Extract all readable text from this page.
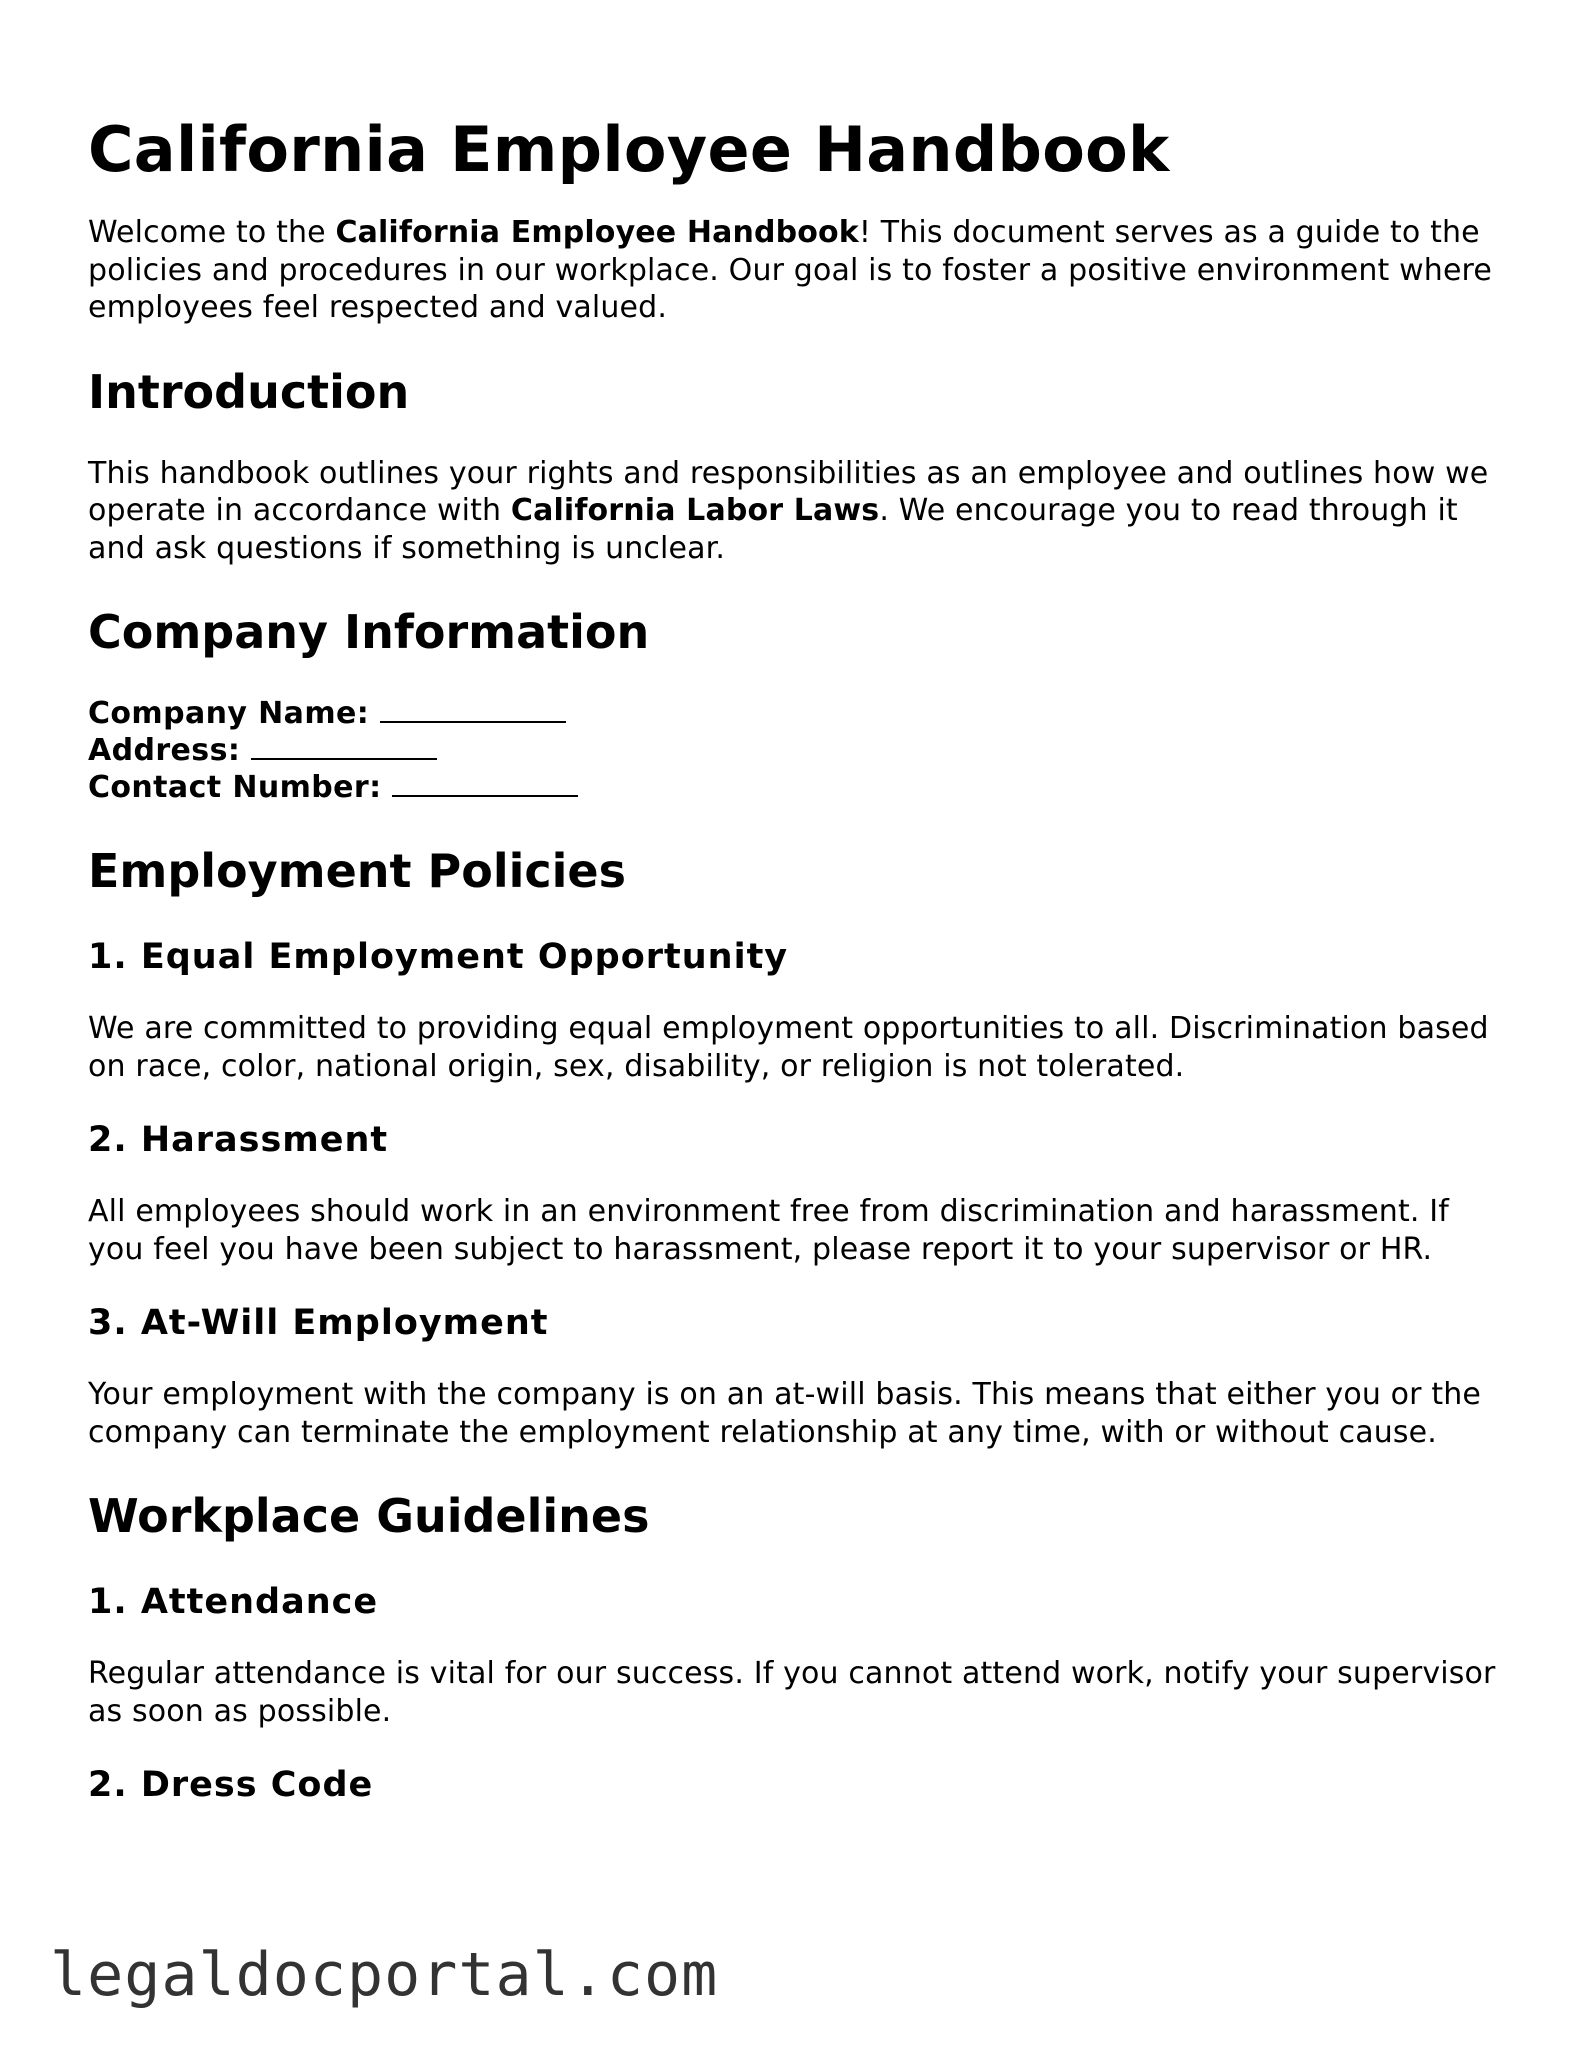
California Employee Handbook

Welcome to the California Employee Handbook! This document serves as a guide to the policies and procedures in our workplace. Our goal is to foster a positive environment where employees feel respected and valued.

Introduction

This handbook outlines your rights and responsibilities as an employee and outlines how we operate in accordance with California Labor Laws. We encourage you to read through it and ask questions if something is unclear.

Company Information
Company Name:
Address:
Contact Number:
Employment Policies
1. Equal Employment Opportunity

We are committed to providing equal employment opportunities to all. Discrimination based on race, color, national origin, sex, disability, or religion is not tolerated.

2. Harassment

All employees should work in an environment free from discrimination and harassment. If you feel you have been subject to harassment, please report it to your supervisor or HR.

3. At-Will Employment

Your employment with the company is on an at-will basis. This means that either you or the company can terminate the employment relationship at any time, with or without cause.

Workplace Guidelines
1. Attendance

Regular attendance is vital for our success. If you cannot attend work, notify your supervisor as soon as possible.

2. Dress Code
legaldocportal.com
